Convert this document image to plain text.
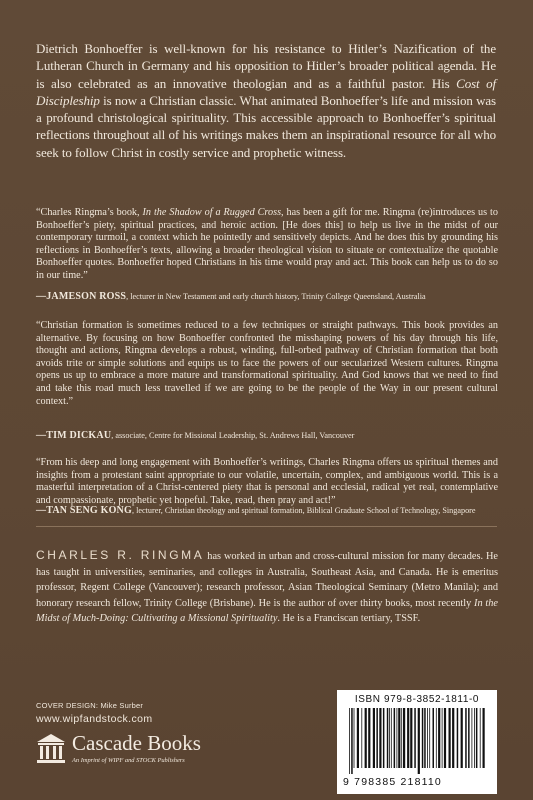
Dietrich Bonhoeffer is well-known for his resistance to Hitler’s Nazification of the Lutheran Church in Germany and his opposition to Hitler’s broader political agenda. He is also celebrated as an innovative theologian and as a faithful pastor. His Cost of Discipleship is now a Christian classic. What animated Bonhoeffer’s life and mission was a profound christological spirituality. This accessible approach to Bonhoeffer’s spiritual reflections throughout all of his writings makes them an inspirational resource for all who seek to follow Christ in costly service and prophetic witness.
“Charles Ringma’s book, In the Shadow of a Rugged Cross, has been a gift for me. Ringma (re)introduces us to Bonhoeffer’s piety, spiritual practices, and heroic action. [He does this] to help us live in the midst of our contemporary turmoil, a context which he pointedly and sensitively depicts. And he does this by grounding his reflections in Bonhoeffer’s texts, allowing a broader theological vision to situate or contextualize the quotable Bonhoeffer quotes. Bonhoeffer hoped Christians in his time would pray and act. This book can help us to do so in our time.”
—JAMESON ROSS, lecturer in New Testament and early church history, Trinity College Queensland, Australia
“Christian formation is sometimes reduced to a few techniques or straight pathways. This book provides an alternative. By focusing on how Bonhoeffer confronted the misshaping powers of his day through his life, thought and actions, Ringma develops a robust, winding, full-orbed pathway of Christian formation that both avoids trite or simple solutions and equips us to face the powers of our secularized Western cultures. Ringma opens us up to embrace a more mature and transformational spirituality. And God knows that we need to find and take this road much less travelled if we are going to be the people of the Way in our present cultural context.”
—TIM DICKAU, associate, Centre for Missional Leadership, St. Andrews Hall, Vancouver
“From his deep and long engagement with Bonhoeffer’s writings, Charles Ringma offers us spiritual themes and insights from a protestant saint appropriate to our volatile, uncertain, complex, and ambiguous world. This is a masterful interpretation of a Christ-centered piety that is personal and ecclesial, radical yet real, contemplative and compassionate, prophetic yet hopeful. Take, read, then pray and act!”
—TAN SENG KONG, lecturer, Christian theology and spiritual formation, Biblical Graduate School of Technology, Singapore
CHARLES R. RINGMA has worked in urban and cross-cultural mission for many decades. He has taught in universities, seminaries, and colleges in Australia, Southeast Asia, and Canada. He is emeritus professor, Regent College (Vancouver); research professor, Asian Theological Seminary (Metro Manila); and honorary research fellow, Trinity College (Brisbane). He is the author of over thirty books, most recently In the Midst of Much-Doing: Cultivating a Missional Spirituality. He is a Franciscan tertiary, TSSF.
COVER DESIGN: Mike Surber
www.wipfandstock.com
Cascade Books
An Imprint of WIPF and STOCK Publishers
ISBN 979-8-3852-1811-0
9 798385 218110
